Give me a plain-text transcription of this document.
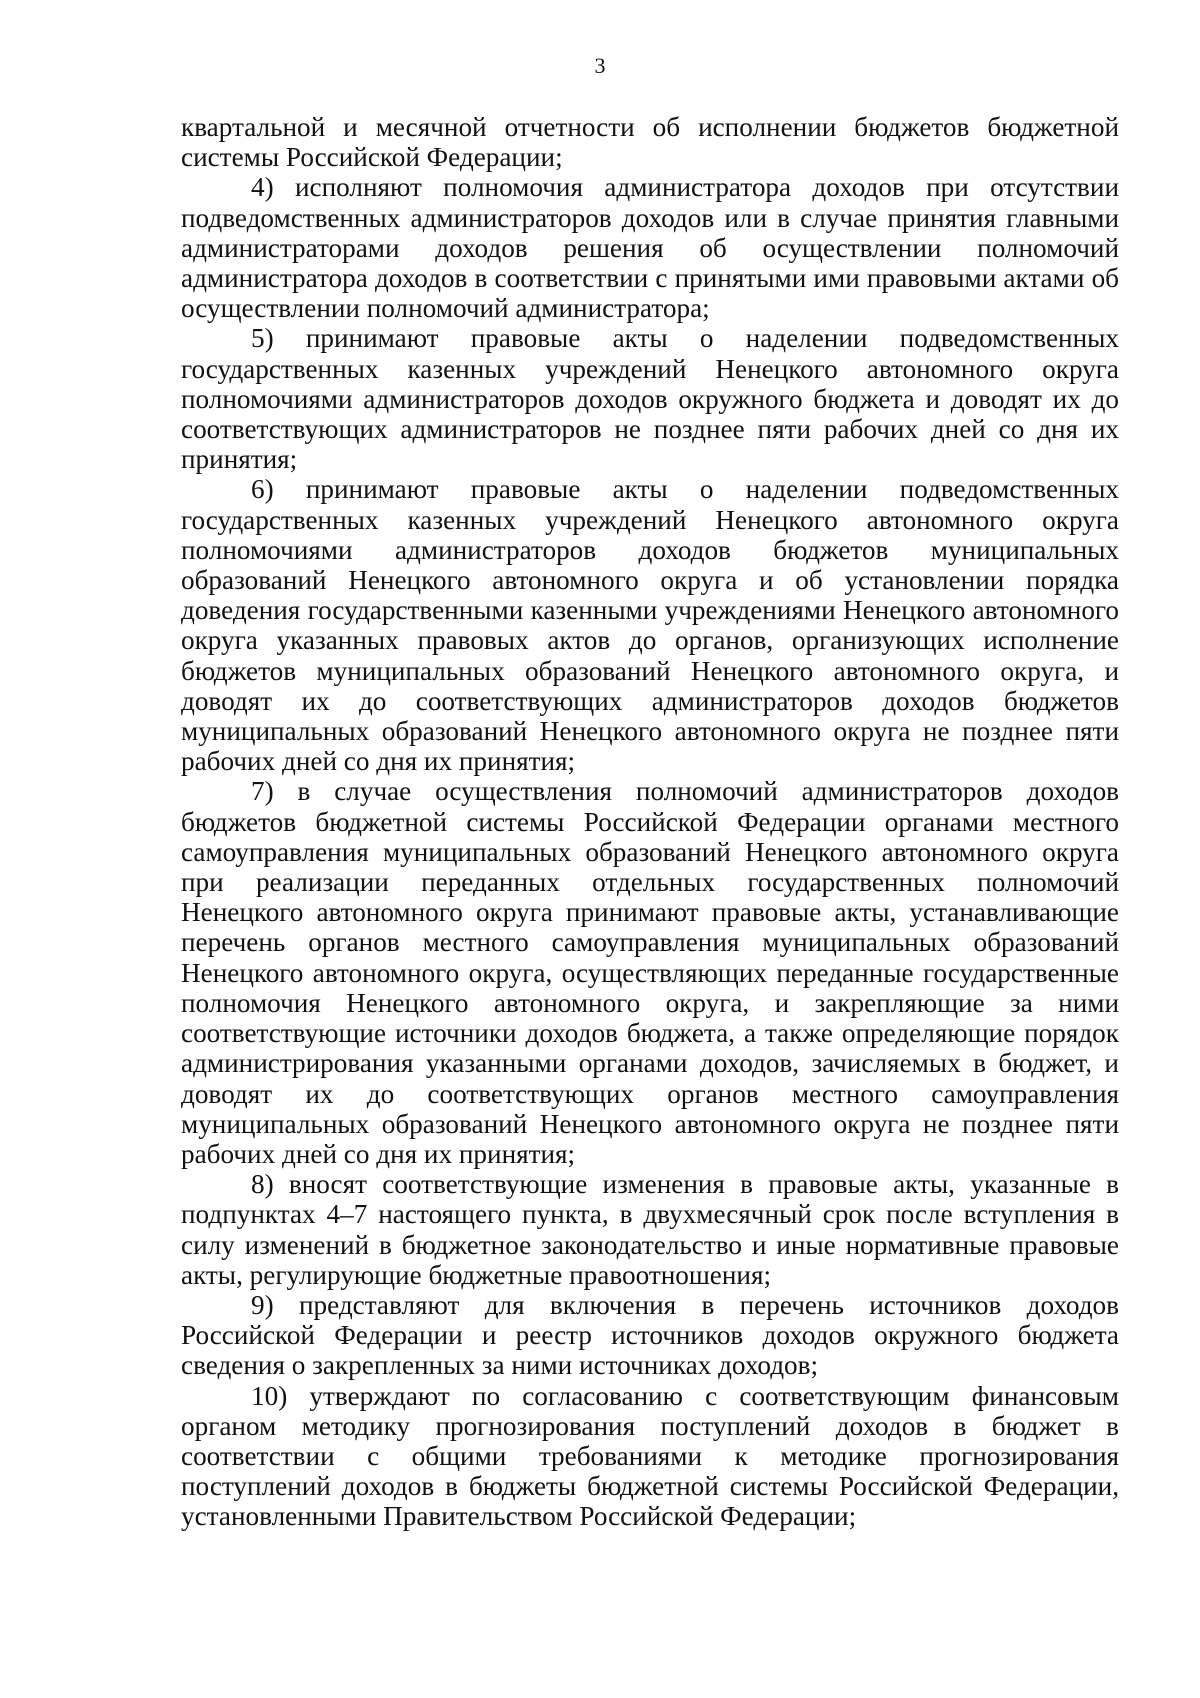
3

квартальной и месячной отчетности об исполнении бюджетов бюджетной системы Российской Федерации;

4) исполняют полномочия администратора доходов при отсутствии подведомственных администраторов доходов или в случае принятия главными администраторами доходов решения об осуществлении полномочий администратора доходов в соответствии с принятыми ими правовыми актами об осуществлении полномочий администратора;

5) принимают правовые акты о наделении подведомственных государственных казенных учреждений Ненецкого автономного округа полномочиями администраторов доходов окружного бюджета и доводят их до соответствующих администраторов не позднее пяти рабочих дней со дня их принятия;

6) принимают правовые акты о наделении подведомственных государственных казенных учреждений Ненецкого автономного округа полномочиями администраторов доходов бюджетов муниципальных образований Ненецкого автономного округа и об установлении порядка доведения государственными казенными учреждениями Ненецкого автономного округа указанных правовых актов до органов, организующих исполнение бюджетов муниципальных образований Ненецкого автономного округа, и доводят их до соответствующих администраторов доходов бюджетов муниципальных образований Ненецкого автономного округа не позднее пяти рабочих дней со дня их принятия;

7) в случае осуществления полномочий администраторов доходов бюджетов бюджетной системы Российской Федерации органами местного самоуправления муниципальных образований Ненецкого автономного округа при реализации переданных отдельных государственных полномочий Ненецкого автономного округа принимают правовые акты, устанавливающие перечень органов местного самоуправления муниципальных образований Ненецкого автономного округа, осуществляющих переданные государственные полномочия Ненецкого автономного округа, и закрепляющие за ними соответствующие источники доходов бюджета, а также определяющие порядок администрирования указанными органами доходов, зачисляемых в бюджет, и доводят их до соответствующих органов местного самоуправления муниципальных образований Ненецкого автономного округа не позднее пяти рабочих дней со дня их принятия;

8) вносят соответствующие изменения в правовые акты, указанные в подпунктах 4–7 настоящего пункта, в двухмесячный срок после вступления в силу изменений в бюджетное законодательство и иные нормативные правовые акты, регулирующие бюджетные правоотношения;

9) представляют для включения в перечень источников доходов Российской Федерации и реестр источников доходов окружного бюджета сведения о закрепленных за ними источниках доходов;

10) утверждают по согласованию с соответствующим финансовым органом методику прогнозирования поступлений доходов в бюджет в соответствии с общими требованиями к методике прогнозирования поступлений доходов в бюджеты бюджетной системы Российской Федерации, установленными Правительством Российской Федерации;
